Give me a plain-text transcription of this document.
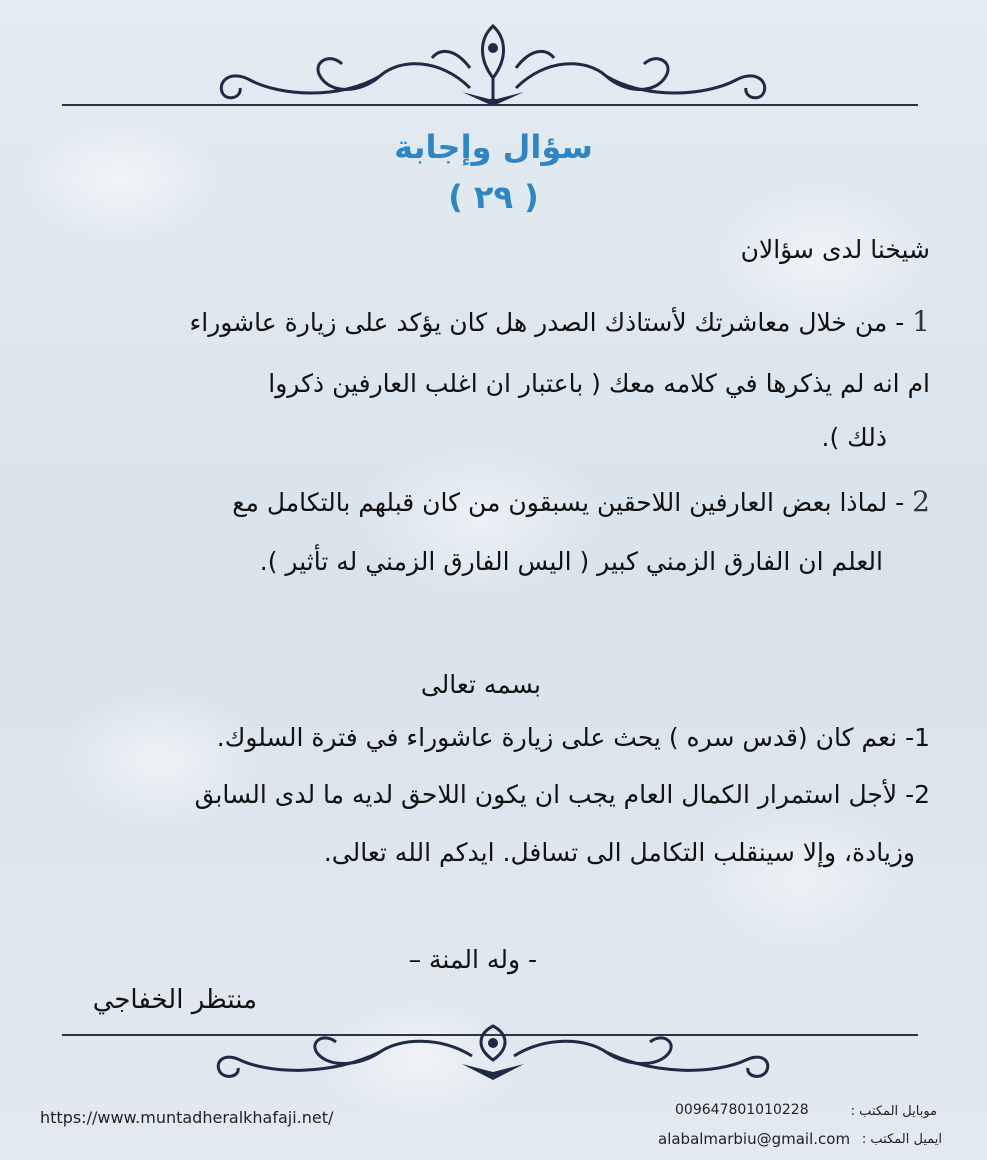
سؤال وإجابة
( ٢٩ )
شيخنا لدى سؤالان
1 - من خلال معاشرتك لأستاذك الصدر هل كان يؤكد على زيارة عاشوراء
ام انه لم يذكرها في كلامه معك ( باعتبار ان اغلب العارفين ذكروا
ذلك ).
2 - لماذا بعض العارفين اللاحقين يسبقون من كان قبلهم بالتكامل مع
العلم ان الفارق الزمني كبير ( اليس الفارق الزمني له تأثير ).
بسمه تعالى
1- نعم كان (قدس سره ) يحث على زيارة عاشوراء في فترة السلوك.
2- لأجل استمرار الكمال العام يجب ان يكون اللاحق لديه ما لدى السابق
وزيادة، وإلا سينقلب التكامل الى تسافل. ايدكم الله تعالى.
- وله المنة –
منتظر الخفاجي
https://www.muntadheralkhafaji.net/	009647801010228	موبايل المكتب :
alabalmarbiu@gmail.com ايميل المكتب :
